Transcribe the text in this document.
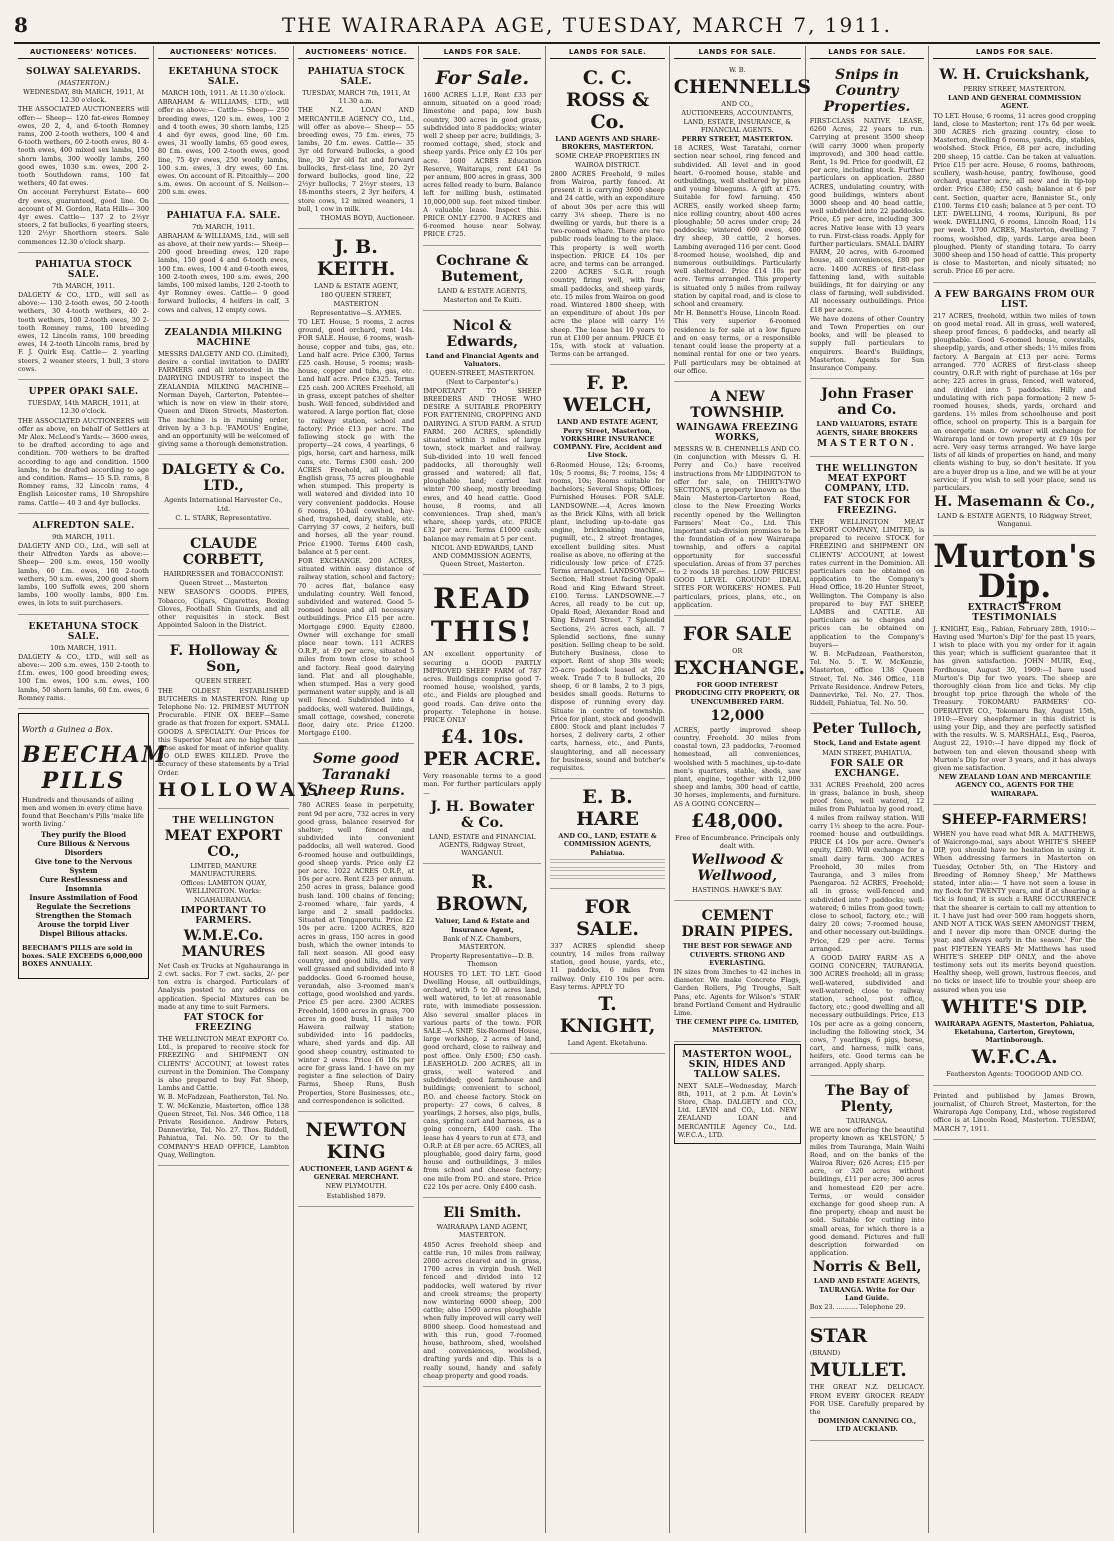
8	THE WAIRARAPA AGE, TUESDAY, MARCH 7, 1911.
AUCTIONEERS' NOTICES.
SOLWAY SALEYARDS.
(MASTERTON.)

WEDNESDAY, 8th MARCH, 1911, At 12.30 o'clock.

THE ASSOCIATED AUCTIONEERS will offer:— Sheep— 120 fat-ewes Romney ewes, 20 2, 4, and 6-tooth Romney rams, 200 2-tooth wethers, 100 4 and 6-tooth wethers, 60 2-tooth ewes, 80 4-tooth ewes, 400 mixed sex lambs, 150 shorn lambs, 300 woolly lambs, 260 good ewes, 1030 s.m. ewes, 200 2-tooth Southdown rams, 100 fat wethers, 40 fat ewes.

On account Ferryhurst Estate— 600 dry ewes, guaranteed, good line. On account of M. Gordon, Rata Hills— 300 4yr ewes. Cattle— 137 2 to 2½yr steers, 2 fat bullocks, 6 yearling steers, 120 2½yr Shorthorn steers. Sale commences 12.30 o'clock sharp.

PAHIATUA STOCK SALE.

7th MARCH, 1911.

DALGETY & CO., LTD., will sell as above:— 130 2-tooth ewes, 50 2-tooth wethers, 30 4-tooth wethers, 40 2-tooth wethers, 100 2-tooth ewes, 30 2-tooth Romney rams, 100 breeding ewes, 12 Lincoln rams, 100 breeding ewes, 14 2-tooth Lincoln rams, bred by F. J. Quirk Esq. Cattle— 2 yearling steers, 2 weaner steers, 1 bull, 3 store cows.

UPPER OPAKI SALE.

TUESDAY, 14th MARCH, 1911, at 12.30 o'clock.

THE ASSOCIATED AUCTIONEERS will offer as above, on behalf of Settlers at Mr Alex. McLeod's Yards:— 3600 ewes, to be drafted according to age and condition. 700 wethers to be drafted according to age and condition. 1500 lambs, to be drafted according to age and condition. Rams— 15 S.D. rams, 8 Romney rams, 32 Lincoln rams, 4 English Leicester rams, 10 Shropshire rams. Cattle— 40 3 and 4yr bullocks.

ALFREDTON SALE.

9th MARCH, 1911.

DALGETY AND CO., Ltd., will sell at their Alfredton Yards as above:— Sheep— 200 s.m. ewes, 150 woolly lambs, 60 f.m. ewes, 160 2-tooth wethers, 50 s.m. ewes, 200 good shorn lambs, 100 Suffolk ewes, 200 shorn lambs, 100 woolly lambs, 800 f.m. ewes, in lots to suit purchasers.

EKETAHUNA STOCK SALE.

10th MARCH, 1911.

DALGETY & CO., LTD., will sell as above:— 200 s.m. ewes, 150 2-tooth to f.f.m. ewes, 100 good breeding ewes, 100 f.m. ewes, 100 s.m. ewes, 100 lambs, 50 shorn lambs, 60 f.m. ewes, 6 Romney rams.

Worth a Guinea a Box.

BEECHAM PILLS

Hundreds and thousands of ailing men and women in every clime have found that Beecham's Pills 'make life worth living.'

They purify the Blood
Cure Bilious & Nervous Disorders
Give tone to the Nervous System
Cure Restlessness and Insomnia
Insure Assimilation of Food
Regulate the Secretions
Strengthen the Stomach
Arouse the torpid Liver
Dispel Bilious attacks.

BEECHAM'S PILLS are sold in boxes. SALE EXCEEDS 6,000,000 BOXES ANNUALLY.

AUCTIONEERS' NOTICES.
EKETAHUNA STOCK SALE.

MARCH 10th, 1911. At 11.30 o'clock.

ABRAHAM & WILLIAMS, LTD., will offer as above:— Cattle— Sheep— 250 breeding ewes, 120 s.m. ewes, 100 2 and 4 tooth ewes, 30 shorn lambs, 125 4 and 6yr ewes, good line, 60 f.m. ewes, 31 woolly lambs, 65 good ewes, 80 f.m. ewes, 100 2-tooth ewes, good line, 75 4yr ewes, 250 woolly lambs, 100 s.m. ewes, 3 dry ewes, 60 f.m. ewes. On account of R. Pitcaithly— 200 s.m. ewes. On account of S. Neilson— 200 s.m. ewes.

PAHIATUA F.A. SALE.

7th MARCH, 1911.

ABRAHAM & WILLIAMS, Ltd., will sell as above, at their new yards:— Sheep— 200 good breeding ewes, 120 rape lambs, 150 good 4 and 6-tooth ewes, 100 f.m. ewes, 100 4 and 6-tooth ewes, 100 2-tooth ewes, 100 s.m. ewes, 200 lambs, 100 mixed lambs, 120 2-tooth to 4yr Romney ewes. Cattle— 9 good forward bullocks, 4 heifers in calf, 3 cows and calves, 12 empty cows.

ZEALANDIA MILKING MACHINE

MESSRS DALGETY AND CO. (Limited), desire a cordial invitation to DAIRY FARMERS and all interested in the DAIRYING INDUSTRY to inspect the ZEALANDIA MILKING MACHINE—Norman Dayeh, Carterton, Patentee—which is now on view in their store, Queen and Dixon Streets, Masterton. The machine is in running order, driven by a 3 h.p. 'FAMOUS' Engine, and an opportunity will be welcomed of giving same a thorough demonstration.

DALGETY & Co. LTD.,

Agents International Harvester Co., Ltd.

C. L. STARK, Representative.

CLAUDE CORBETT,

HAIRDRESSER and TOBACCONIST.

Queen Street ... Masterton

NEW SEASON'S GOODS. PIPES, Tobacco, Cigars, Cigarettes, Boxing Gloves, Football Shin Guards, and all other requisites in stock. Best Appointed Saloon in the District.

F. Holloway & Son,

QUEEN STREET.

THE OLDEST ESTABLISHED BUTCHERS in MASTERTON. Ring up Telephone No. 12. PRIMEST MUTTON Procurable. FINE OX BEEF—Same grade as that frozen for export. SMALL GOODS A SPECIALTY. Our Prices for this Superior Meat are no higher than those asked for meat of inferior quality. NO OLD EWES KILLED. Prove the accuracy of these statements by a Trial Order.

HOLLOWAY.
THE WELLINGTON
MEAT EXPORT CO.,

LIMITED, MANURE MANUFACTURERS.

Offices: LAMBTON QUAY, WELLINGTON. Works: NGAHAURANGA.

IMPORTANT TO FARMERS.
W.M.E.Co. MANURES

Net Cash ex Trucks at Ngahauranga in 2 cwt. sacks. For 7 cwt. sacks, 2/- per ton extra is charged. Particulars of Analysis posted to any address on application. Special Mixtures can be made at any time to suit Farmers.

FAT STOCK for FREEZING

THE WELLINGTON MEAT EXPORT Co. Ltd., is prepared to receive stock for FREEZING and SHIPMENT ON CLIENTS' ACCOUNT, at lowest rates current in the Dominion. The Company is also prepared to buy Fat Sheep, Lambs and Cattle.

W. B. McFadzean, Featherston, Tel. No. T. W. McKenzie, Masterton, office 138 Queen Street, Tel. Nos. 346 Office, 118 Private Residence. Andrew Peters, Dannevirke, Tel. No. 27. Thos. Riddell, Pahiatua, Tel. No. 50. Or to the COMPANY'S HEAD OFFICE, Lambton Quay, Wellington.

AUCTIONEERS' NOTICE.
PAHIATUA STOCK SALE.

TUESDAY, MARCH 7th, 1911, At 11.30 a.m.

THE N.Z. LOAN AND MERCANTILE AGENCY CO., Ltd., will offer as above— Sheep— 55 breeding ewes, 75 f.m. ewes, 75 lambs, 20 f.m. ewes. Cattle— 35 3yr old forward bullocks, a good line, 30 2yr old fat and forward bullocks, first-class line, 20 2yr forward bullocks, good line, 22 2½yr bullocks, 7 2½yr steers, 13 18-months steers, 2 3yr heifers, 4 store cows, 12 mixed weaners, 1 bull, 1 cow in milk.

THOMAS BOYD, Auctioneer.

J. B. KEITH.

LAND & ESTATE AGENT,

180 QUEEN STREET, MASTERTON

Representative—S. AYMES.

TO LET. House, 5 rooms, 2 acres ground, good orchard, rent 14s. FOR SALE. House, 6 rooms, wash-house, copper and tubs, gas, etc. Land half acre. Price £300, Terms £25 cash. House, 5 rooms; wash-house, copper and tubs, gas, etc. Land half acre. Price £325. Terms £25 cash. 200 ACRES Freehold, all in grass, except patches of shelter bush. Well fenced, subdivided and watered. A large portion flat, close to railway station, school and factory. Price £13 per acre. The following stock go with the property—24 cows, 4 yearlings, 6 pigs, horse, cart and harness, milk cans, etc. Terms £300 cash. 200 ACRES Freehold, all in real English grass, 75 acres ploughable when stumped. This property is well watered and divided into 10 very convenient paddocks. House 6 rooms, 10-bail cowshed, hay-shed, trapshed, dairy, stable, etc. Carrying 37 cows, 2 heifers, bull and horses, all the year round. Price £1900. Terms £400 cash, balance at 5 per cent.

FOR EXCHANGE. 200 ACRES, situated within easy distance of railway station, school and factory; 70 acres flat, balance easy undulating country. Well fenced, subdivided and watered. Good 5-roomed house and all necessary outbuildings. Price £15 per acre. Mortgage £900. Equity £2800. Owner will exchange for small place near town. 111 ACRES O.R.P., at £9 per acre, situated 5 miles from town close to school and factory. Real good dairying land. Flat and all ploughable, when stumped. Has a very good permanent water supply, and is all well fenced. Subdivided into 4 paddocks, well watered. Buildings, small cottage, cowshed, concrete floor, dairy etc. Price £1200. Mortgage £100.

Some good Taranaki Sheep Runs.

780 ACRES lease in perpetuity, rent 9d per acre, 732 acres in very good grass, balance reserved for shelter; well fenced and subdivided into convenient paddocks, all well watered. Good 6-roomed house and outbuildings, good sheep yards. Price only £2 per acre. 1022 ACRES O.R.P., at 10s per acre. Rent £23 per annum. 250 acres in grass, balance good bush land. 100 chains of fencing; 2-roomed whare, fair yards, 4 large and 2 small paddocks. Situated at Tongaporutu. Price £2 10s per acre. 1200 ACRES, 820 acres in grass, 150 acres in good bush, which the owner intends to fall next season. All good easy country, and good hills, and very well grassed and subdivided into 8 paddocks. Good 6-roomed house, verandah, also 3-roomed man's cottage, good woolshed and yards. Price £5 per acre. 2300 ACRES Freehold, 1600 acres in grass, 700 acres in good bush, 11 miles to Hawera railway station; subdivided into 16 paddocks, whare, shed yards and dip. All good sheep country, estimated to winter 2 ewes. Price £6 10s per acre for grass land. I have on my register a fine selection of Dairy Farms, Sheep Runs, Bush Properties, Store Businesses, etc., and correspondence is solicited.

NEWTON KING

AUCTIONEER, LAND AGENT & GENERAL MERCHANT.

NEW PLYMOUTH.

Established 1879.

LANDS FOR SALE.
For Sale.

1600 ACRES L.I.P., Rent £33 per annum, situated on a good road; limestone and papa, low bush country, 300 acres in good grass, subdivided into 8 paddocks; winter well 2 sheep per acre; buildings, 3-roomed cottage, shed, stock and sheep yards. Price only £2 10s per acre. 1600 ACRES Education Reserve, Waitaraps, rent £41 5s per annum, 800 acres in grass, 300 acres felled ready to burn. Balance left for milling bush, estimated 10,000,000 sup. feet mixed timber. A valuable lease. Inspect this. PRICE ONLY £2700. 9 ACRES and 6-roomed house near Solway. PRICE £725.

Cochrane & Butement,

LAND & ESTATE AGENTS,

Masterton and Te Kuiti.

Nicol & Edwards,

Land and Financial Agents and Valuators.

QUEEN-STREET, MASTERTON. (Next to Carpenter's.)

IMPORTANT TO SHEEP BREEDERS AND THOSE WHO DESIRE A SUITABLE PROPERTY FOR FATTENING, CROPPING AND DAIRYING. A STUD FARM. A STUD FARM. 260 ACRES, splendidly situated within 3 miles of large town, stock market and railway. Sub-divided into 10 well fenced paddocks, all thoroughly well grassed and watered; all flat, ploughable land; carried last winter 700 sheep, mostly breeding ewes, and 40 head cattle. Good house, 8 rooms, and all conveniences. Trap shed, man's whare, sheep yards, etc. PRICE £32 per acre. Terms £1000 cash; balance may remain at 5 per cent.

NICOL AND EDWARDS, LAND AND COMMISSION AGENTS, Queen Street, Masterton.

READ THIS!

AN excellent opportunity of securing a GOOD PARTLY IMPROVED SHEEP FARM of 787 acres. Buildings comprise good 7-roomed house, woolshed, yards, etc., and Fields are ploughed and good roads. Can drive onto the property. Telephone in house. PRICE ONLY

£4. 10s. PER ACRE.

Very reasonable terms to a good man. For further particulars apply—

J. H. Bowater & Co.

LAND, ESTATE and FINANCIAL AGENTS, Ridgway Street, WANGANUI.

R. BROWN,

Valuer, Land & Estate and Insurance Agent,

Bank of N.Z. Chambers, MASTERTON.

Property Representative—D. B. Thomson

HOUSES TO LET. TO LET. Good Dwelling House, all outbuildings, orchard, with 5 to 20 acres land, well watered, to let at reasonable rate, with immediate possession. Also several smaller places in various parts of the town. FOR SALE—A SNIP. Six-Roomed House, large workshop, 2 acres of land, good orchard, close to railway and post office. Only £500; £50 cash. LEASEHOLD. 200 ACRES, all in grass, well watered and subdivided; good farmhouse and buildings; convenient to school, P.O. and cheese factory. Stock on property: 27 cows, 6 calves, 8 yearlings, 2 horses, also pigs, bulls, cans, spring cart and harness, as a going concern, £400 cash. The lease has 4 years to run at £73, and O.R.P. at £8 per acre. 65 ACRES, all ploughable, good dairy farm, good house and outbuildings, 3 miles from school and cheese factory; one mile from P.O. and store. Price £22 10s per acre. Only £400 cash.

Eli Smith.

WAIRARAPA LAND AGENT, MASTERTON.

4850 Acres freehold sheep and cattle run, 10 miles from railway, 2000 acres cleared and in grass, 1700 acres in virgin bush. Well fenced and divided into 12 paddocks, well watered by river and creek streams; the property now wintering 6000 sheep, 200 cattle; also 1500 acres ploughable when fully improved will carry well 8000 sheep. Good homestead and with this run, good 7-roomed house, bathroom, shed, woolshed and conveniences, woolshed, drafting yards and dip. This is a really sound, handy and safely cheap property and good roads.

LANDS FOR SALE.
C. C. ROSS & Co.

LAND AGENTS AND SHARE-BROKERS, MASTERTON.

SOME CHEAP PROPERTIES IN WAIROA DISTRICT.

2800 ACRES Freehold, 9 miles from Wairoa, partly fenced. At present it is carrying 3600 sheep and 24 cattle, with an expenditure of about 30s per acre this will carry 3¼ sheep. There is no dwelling or yards, but there is a two-roomed whare. There are two public roads leading to the place. This property is well worth inspection. PRICE £4 10s per acre, and terms can be arranged. 2200 ACRES S.G.R. rough country, firing well, with four small paddocks, and sheep yards, etc. 15 miles from Wairoa on good road. Wintered 1800 sheep, with an expenditure of about 10s per acre the place will carry 1½ sheep. The lease has 10 years to run at £100 per annum. PRICE £1 15s, with stock at valuation. Terms can be arranged.

F. P. WELCH,

LAND AND ESTATE AGENT, Perry Street, Masterton, YORKSHIRE INSURANCE COMPANY. Fire, Accident and Live Stock.

6-Roomed House, 12s; 6-rooms, 10s; 5 rooms, 8s; 7 rooms, 15s; 4 rooms, 10s; Rooms suitable for bachelors; Several Shops; Offices; Furnished Houses. FOR SALE. LANDSOWNE.—4, Acres known as the Brick Kilns, with all brick plant, including up-to-date gas engine, brickmaking machine, pugmill, etc., 2 street frontages, excellent building sites. Must realise as above, no offering at the ridiculously low price of £725. Terms arranged. LANDSOWNE.—Section, Hall street facing Opaki Road and King Edward Street. £100. Terms. LANDSOWNE.—7 Acres, all ready to be cut up, Opaki Road, Alexander Road and King Edward Street. 7 Splendid Sections, 2½ acres each, all. 7 Splendid sections, fine sunny position. Selling cheap to be sold. Butchery Business, close to export. Rent of shop 30s week; 25-acre paddock leased at 20s week. Trade 7 to 8 bullocks, 20 sheep, 6 or 8 lambs, 2 to 3 pigs, besides small goods. Returns to dispose of running every day. Situate in centre of township. Price for plant, stock and goodwill £800. Stock and plant includes 7 horses, 2 delivery carts, 2 other carts, harness, etc., and Pants, slaughtering, and all necessary for business, sound and butcher's requisites.

E. B. HARE

AND CO., LAND, ESTATE & COMMISSION AGENTS, Pahiatua.

FOR SALE.

337 ACRES splendid sheep country, 14 miles from railway station, good house, yards, etc., 11 paddocks, 6 miles from railway. Only £10 10s per acre. Easy terms. APPLY TO

T. KNIGHT,

Land Agent. Eketahuna.

LANDS FOR SALE.

W. B.

CHENNELLS

AND CO.,

AUCTIONEERS, ACCOUNTANTS, LAND, ESTATE, INSURANCE, & FINANCIAL AGENTS.

PERRY STREET, MASTERTON.

18 ACRES, West Taratahi, corner section near school, ring fenced and subdivided. All level and in good heart. 6-roomed house, stable and outbuildings, well sheltered by pines and young bluegums. A gift at £75. Suitable for fowl farming. 450 ACRES, easily worked sheep farm; nice rolling country, about 400 acres ploughable; 50 acres under crop; 24 paddocks; wintered 600 ewes, 400 dry sheep, 30 cattle, 2 horses. Lambing averaged 116 per cent. Good 8-roomed house, woolshed, dip and numerous outbuildings. Particularly well sheltered. Price £14 10s per acre. Terms arranged. This property is situated only 5 miles from railway station by capital road, and is close to school and creamery.

Mr H. Bennett's House, Lincoln Road. This very superior 6-roomed residence is for sale at a low figure and on easy terms, or a responsible tenant could lease the property at a nominal rental for one or two years. Full particulars may be obtained at our office.

A NEW TOWNSHIP.
WAINGAWA FREEZING WORKS,

MESSRS W. B. CHENNELLS AND CO. (in conjunction with Messrs G. H. Perry and Co.) have received instructions from Mr LIDDINGTON to offer for sale, on THIRTY-TWO SECTIONS, a property known as the Main Masterton-Carterton Road, close to the New Freezing Works recently opened by the Wellington Farmers' Meat Co., Ltd. This important sub-division promises to be the foundation of a new Wairarapa township, and offers a capital opportunity for successful speculation. Areas of from 37 perches to 2 roods 18 perches. LOW PRICES! GOOD LEVEL GROUND! IDEAL SITES FOR WORKERS' HOMES. Full particulars, prices, plans, etc., on application.

FOR SALE

OR

EXCHANGE.

FOR GOOD INTEREST PRODUCING CITY PROPERTY, OR UNENCUMBERED FARM.

12,000

ACRES, partly improved sheep country. Freehold. 30 miles from coastal town, 23 paddocks, 7-roomed homestead, all conveniences, woolshed with 5 machines, up-to-date men's quarters, stable, sheds, saw plant, engine, together with 12,000 sheep and lambs, 300 head of cattle, 30 horses, implements, and furniture. AS A GOING CONCERN—

£48,000.

Free of Encumbrance. Principals only dealt with.

Wellwood & Wellwood,

HASTINGS. HAWKE'S BAY.

CEMENT DRAIN PIPES.

THE BEST FOR SEWAGE AND CULVERTS. STRONG AND EVERLASTING.

IN sizes from 3inches to 42 inches in diameter. We make Concrete Flags, Garden Rollers, Pig Troughs, Salt Pans, etc. Agents for Wilson's 'STAR' brand Portland Cement and Hydraulic Lime.

THE CEMENT PIPE Co. LIMITED, MASTERTON.

MASTERTON WOOL, SKIN, HIDES AND TALLOW SALES.

NEXT SALE—Wednesday, March 8th, 1911, at 2 p.m. At Levin's Store, Chap. DALGETY and CO., Ltd. LEVIN and CO., Ltd. NEW ZEALAND LOAN and MERCANTILE Agency Co., Ltd. W.F.C.A., LTD.

LANDS FOR SALE.
Snips in Country Properties.

FIRST-CLASS NATIVE LEASE, 6260 Acres, 22 years to run. Carrying at present 3500 sheep (will carry 3000 when properly improved), and 300 head cattle. Rent, 1s 9d. Price for goodwill, £2 per acre, including stock. Further particulars on application. 2880 ACRES, undulating country, with good buildings, winters about 3000 sheep and 40 head cattle, well subdivided into 22 paddocks. Price, £5 per acre, including 300 acres Native lease with 13 years to run. First-class roads. Apply for further particulars. SMALL DAIRY FARM, 20 acres, with 6-roomed house, all conveniences, £80 per acre. 1400 ACRES of first-class fattening land, with suitable buildings, fit for dairying or any class of farming, well subdivided. All necessary outbuildings. Price £18 per acre.

We have dozens of other Country and Town Properties on our books, and will be pleased to supply full particulars to enquirers. Beard's Buildings, Masterton. Agents for Sun Insurance Company.

John Fraser and Co.

LAND VALUATORS, ESTATE AGENTS, SHARE BROKERS

MASTERTON.
THE WELLINGTON MEAT EXPORT COMPANY, LTD.
FAT STOCK FOR FREEZING.

THE WELLINGTON MEAT EXPORT COMPANY, LIMITED, is prepared to receive STOCK for FREEZING and SHIPMENT ON CLIENTS' ACCOUNT, at lowest rates current in the Dominion. All particulars can be obtained on application to the Company's Head Office, 18-20 Hunter Street, Wellington. The Company is also prepared to buy FAT SHEEP, LAMBS and CATTLE. All particulars as to charges and prices can be obtained on application to the Company's buyers—

W. B. McFadzean, Featherston, Tel. No. 5. T. W. McKenzie, Masterton, office 138 Queen Street, Tel. No. 346 Office, 118 Private Residence. Andrew Peters, Dannevirke, Tel. No. 27. Thos. Riddell, Pahiatua, Tel. No. 50.

Peter Tulloch,

Stock, Land and Estate agent

MAIN STREET, PAHIATUA.

FOR SALE OR EXCHANGE.

331 ACRES Freehold, 200 acres in grass, balance in bush, sheep proof fence, well watered, 12 miles from Pahiatua by good road, 4 miles from railway station. Will carry 1½ sheep to the acre. Four-roomed house and outbuildings. PRICE £4 10s per acre. Owner's equity, £280. Will exchange for a small dairy farm. 300 ACRES Freehold, 30 miles from Tauranga, and 3 miles from Paengaroa. 52 ACRES, Freehold; all in grass; well-fenced and subdivided into 7 paddocks; well-watered; 6 miles from good town; close to school, factory, etc.; will dairy 20 cows; 7-roomed house, and other necessary out-buildings. Price, £29 per acre. Terms arranged.

A GOOD DAIRY FARM AS A GOING CONCERN, TAURANGA. 300 ACRES freehold; all in grass; well-watered, subdivided and well-watered; close to railway station, school, post office, factory, etc.; good dwelling and all necessary outbuildings. Price, £13 10s per acre as a going concern, including the following stock, 34 cows, 7 yearlings, 6 pigs, horse, cart, and harness, milk cans, heifers, etc. Good terms can be arranged. Apply sharp.

The Bay of Plenty,

TAURANGA.

WE are now offering the beautiful property known as 'KELSTON,' 5 miles from Tauranga, Main Waihi Road, and on the banks of the Wairoa River; 626 Acres; £15 per acre, or 320 acres without buildings, £11 per acre; 300 acres and homestead £20 per acre. Terms, or would consider exchange for good sheep run. A fine property, cheap and must be sold. Suitable for cutting into small areas, for which there is a good demand. Pictures and full description forwarded on application.

Norris & Bell,

LAND AND ESTATE AGENTS, TAURANGA. Write for Our Land Guide.

Box 23. .......... Telephone 29.

STAR

(BRAND)

MULLET.

THE GREAT N.Z. DELICACY. FROM EVERY GROCER READY FOR USE. Carefully prepared by the

DOMINION CANNING CO., LTD AUCKLAND.

LANDS FOR SALE.
W. H. Cruickshank,

PERRY STREET, MASTERTON.

LAND AND GENERAL COMMISSION AGENT.

TO LET. House, 6 rooms, 11 acres good cropping land, close to Masterton; rent 17s 6d per week. 300 ACRES rich grazing country, close to Masterton, dwelling 6 rooms, yards, dip, stables, woolshed. Stock Price, £8 per acre, including 200 sheep, 15 cattle. Can be taken at valuation. Price £15 per acre. House, 6 rooms, bathroom, scullery, wash-house, pantry, fowlhouse, good orchard, quarter acre, all new and in tip-top order. Price £380; £50 cash; balance at 6 per cent. Section, quarter acre, Bannister St., only £100. Terms £10 cash; balance at 5 per cent. TO LET. DWELLING, 4 rooms, Kuripuni, 8s per week. DWELLING, 6 rooms, Lincoln Road, 11s per week. 1700 ACRES, Masterton, dwelling 7 rooms, woolshed, dip, yards. Large area been ploughed. Plenty of standing totara. To carry 3000 sheep and 150 head of cattle. This property is close to Masterton, and nicely situated; no scrub. Price £6 per acre.

A FEW BARGAINS FROM OUR LIST.

217 ACRES, freehold, within two miles of town on good metal road. All in grass, well watered, sheep proof fences, 6 paddocks, and nearly all ploughable. Good 6-roomed house, cowstalls, sheepdip, yards, and other sheds; 1½ miles from factory. A Bargain at £13 per acre. Terms arranged. 770 ACRES of first-class sheep country, O.R.P. with right of purchase at 16s per acre; 225 acres in grass, fenced, well watered, and divided into 5 paddocks. Hilly and undulating with rich papa formation; 2 new 5-roomed houses, sheds, yards, orchard and gardens. 1½ miles from schoolhouse and post office, school on property. This is a bargain for an energetic man. Or owner will exchange for Wairarapa land or town property at £9 10s per acre. Very easy terms arranged. We have large lists of all kinds of properties on hand, and many clients wishing to buy, so don't hesitate. If you are a buyer drop us a line, and we will be at your service; if you wish to sell your place, send us particulars.

H. Masemann & Co.,

LAND & ESTATE AGENTS, 10 Ridgway Street, Wanganui.

Murton's Dip.
EXTRACTS FROM TESTIMONIALS

J. KNIGHT, Esq., Fabian, February 28th, 1910:—Having used 'Murton's Dip' for the past 15 years, I wish to place with you my order for it again this year; which is sufficient guarantee that it has given satisfaction. JOHN MUIR, Esq., Fordhouse, August 30, 1909:—I have used Murton's Dip for two years. The sheep are thoroughly clean from lice and ticks. My clip brought top price through the whole of the Treasury. TOKOMARU FARMERS' CO-OPERATIVE CO., Tokomaru Bay, August 15th, 1910:—Every sheepfarmer in this district is using your Dip, and they are perfectly satisfied with the results. W. S. MARSHALL, Esq., Paeroa, August 22, 1910:—I have dipped my flock of between ten and eleven thousand sheep with Murton's Dip for over 3 years, and it has always given me satisfaction.

NEW ZEALAND LOAN AND MERCANTILE AGENCY CO., AGENTS FOR THE WAIRARAPA.

SHEEP-FARMERS!

WHEN you have read what MR A. MATTHEWS, of Waicrongo-mai, says about WHITE'S SHEEP DIP, you should have no hesitation in using it. When addressing farmers in Masterton on Tuesday, October 5th, on 'The History and Breeding of Romney Sheep,' Mr Matthews stated, inter alia:— 'I have not seen a louse in my flock for TWENTY years, and if at shearing a tick is found, it is such a RARE OCCURRENCE that the shearer is certain to call my attention to it. I have just had over 500 ram hoggets shorn, AND NOT A TICK WAS SEEN AMONGST THEM, and I never dip more than ONCE during the year, and always early in the season.' For the past FIFTEEN YEARS Mr Matthews has used WHITE'S SHEEP DIP ONLY, and the above testimony sets out its merits beyond question. Healthy sheep, well grown, lustrous fleeces, and no ticks or insect life to trouble your sheep are assured when you use

WHITE'S DIP.

WAIRARAPA AGENTS, Masterton, Pahiatua, Eketahuna, Carterton, Greytown, Martinborough.

W.F.C.A.

Featherston Agents: TOOGOOD AND CO.

Printed and published by James Brown, journalist, of Church Street, Masterton, for the Wairarapa Age Company, Ltd., whose registered office is at Lincoln Road, Masterton. TUESDAY, MARCH 7, 1911.
